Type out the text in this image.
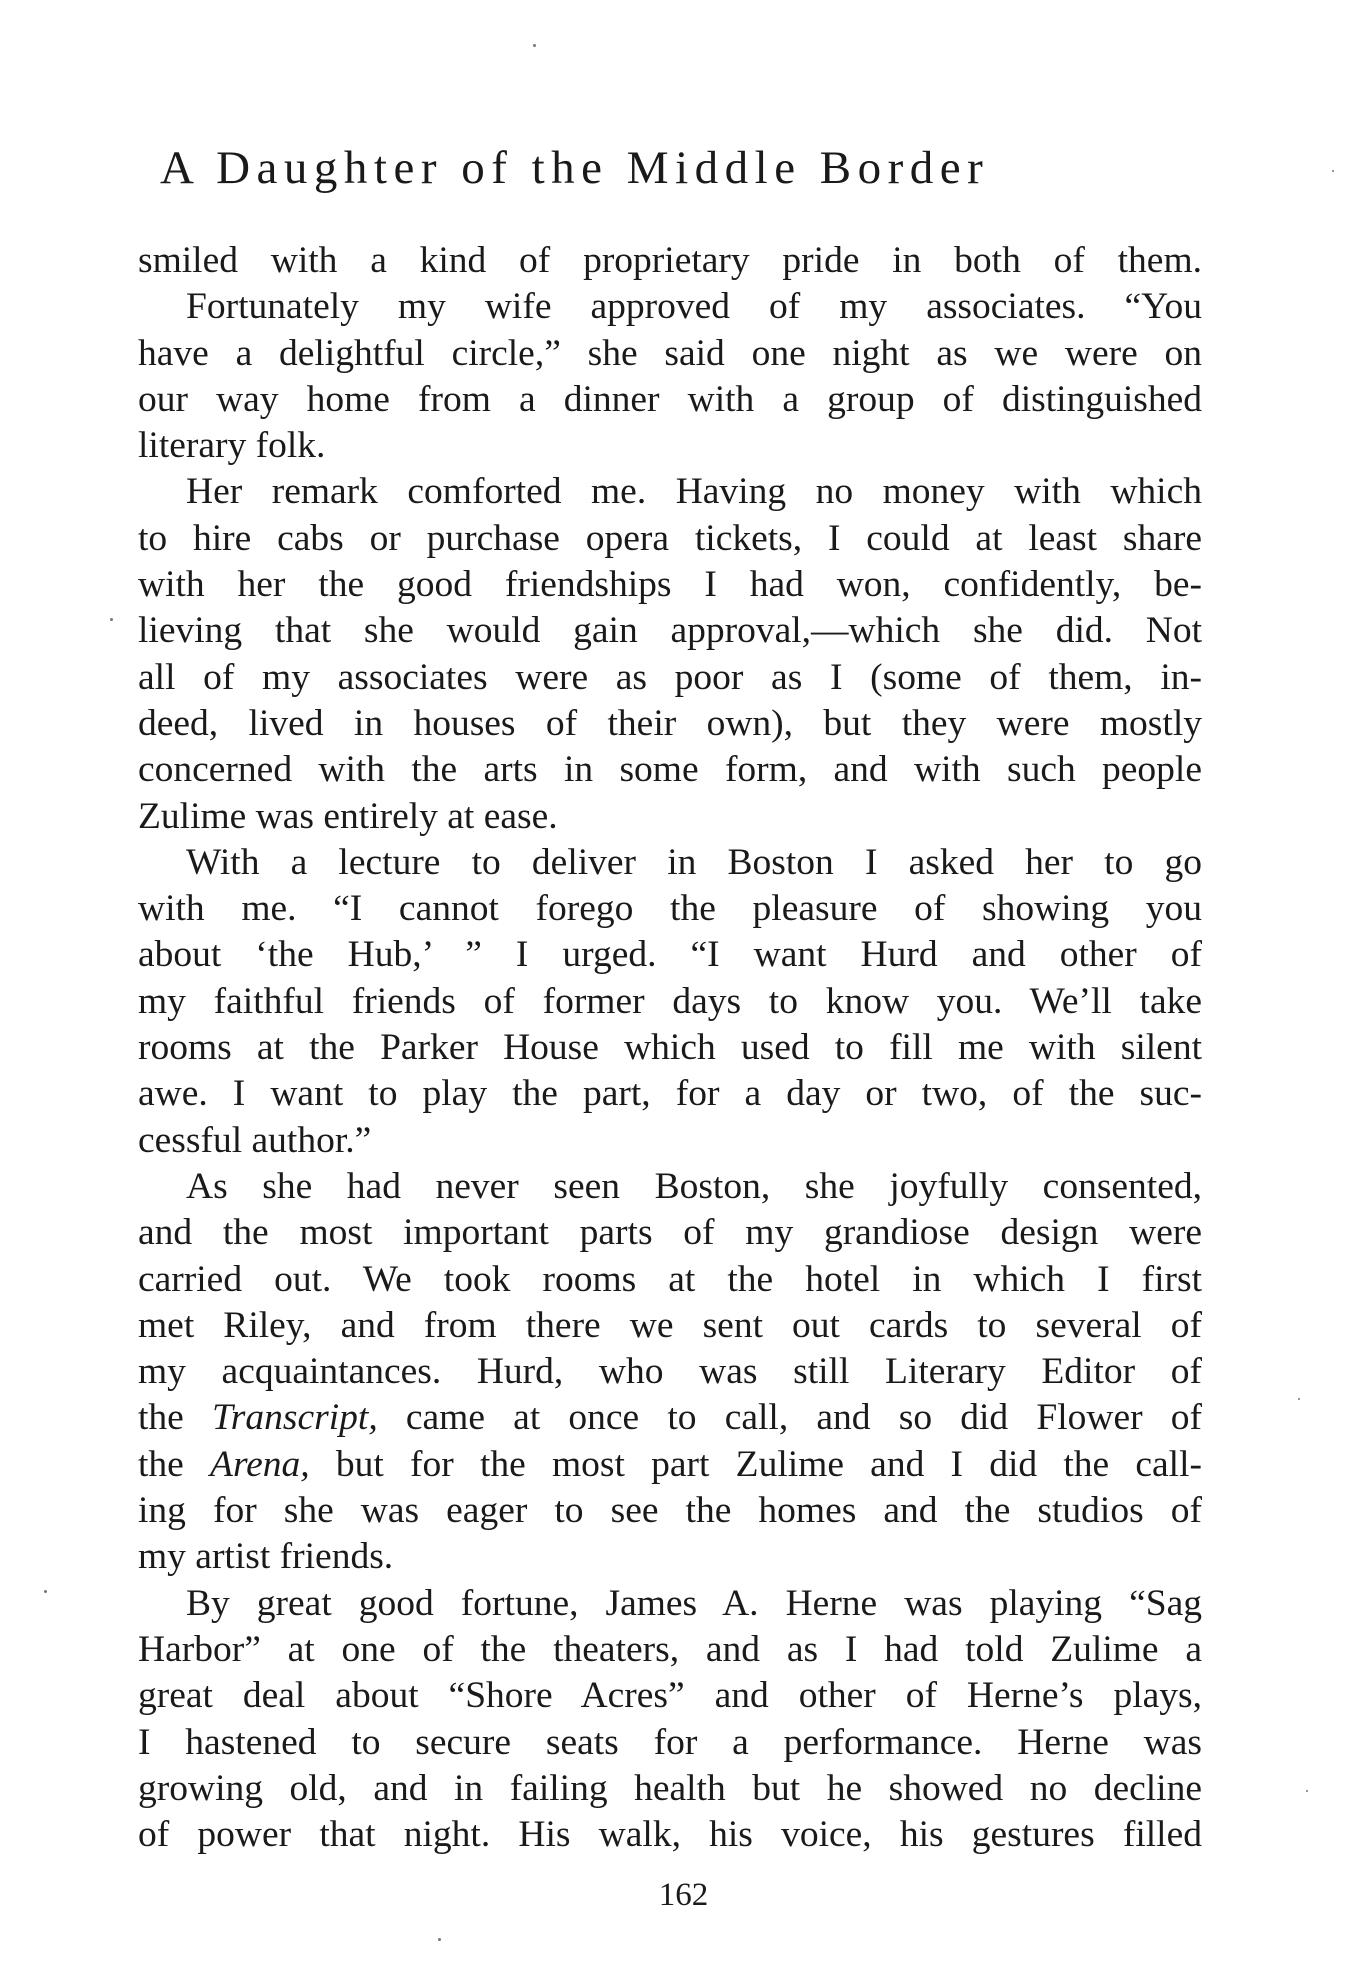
A Daughter of the Middle Border
smiled with a kind of proprietary pride in both of them.
Fortunately my wife approved of my associates. “You
have a delightful circle,” she said one night as we were on
our way home from a dinner with a group of distinguished
literary folk.
Her remark comforted me. Having no money with which
to hire cabs or purchase opera tickets, I could at least share
with her the good friendships I had won, confidently, be-
lieving that she would gain approval,—which she did. Not
all of my associates were as poor as I (some of them, in-
deed, lived in houses of their own), but they were mostly
concerned with the arts in some form, and with such people
Zulime was entirely at ease.
With a lecture to deliver in Boston I asked her to go
with me. “I cannot forego the pleasure of showing you
about ‘the Hub,’ ” I urged. “I want Hurd and other of
my faithful friends of former days to know you. We’ll take
rooms at the Parker House which used to fill me with silent
awe. I want to play the part, for a day or two, of the suc-
cessful author.”
As she had never seen Boston, she joyfully consented,
and the most important parts of my grandiose design were
carried out. We took rooms at the hotel in which I first
met Riley, and from there we sent out cards to several of
my acquaintances. Hurd, who was still Literary Editor of
the Transcript, came at once to call, and so did Flower of
the Arena, but for the most part Zulime and I did the call-
ing for she was eager to see the homes and the studios of
my artist friends.
By great good fortune, James A. Herne was playing “Sag
Harbor” at one of the theaters, and as I had told Zulime a
great deal about “Shore Acres” and other of Herne’s plays,
I hastened to secure seats for a performance. Herne was
growing old, and in failing health but he showed no decline
of power that night. His walk, his voice, his gestures filled
162
